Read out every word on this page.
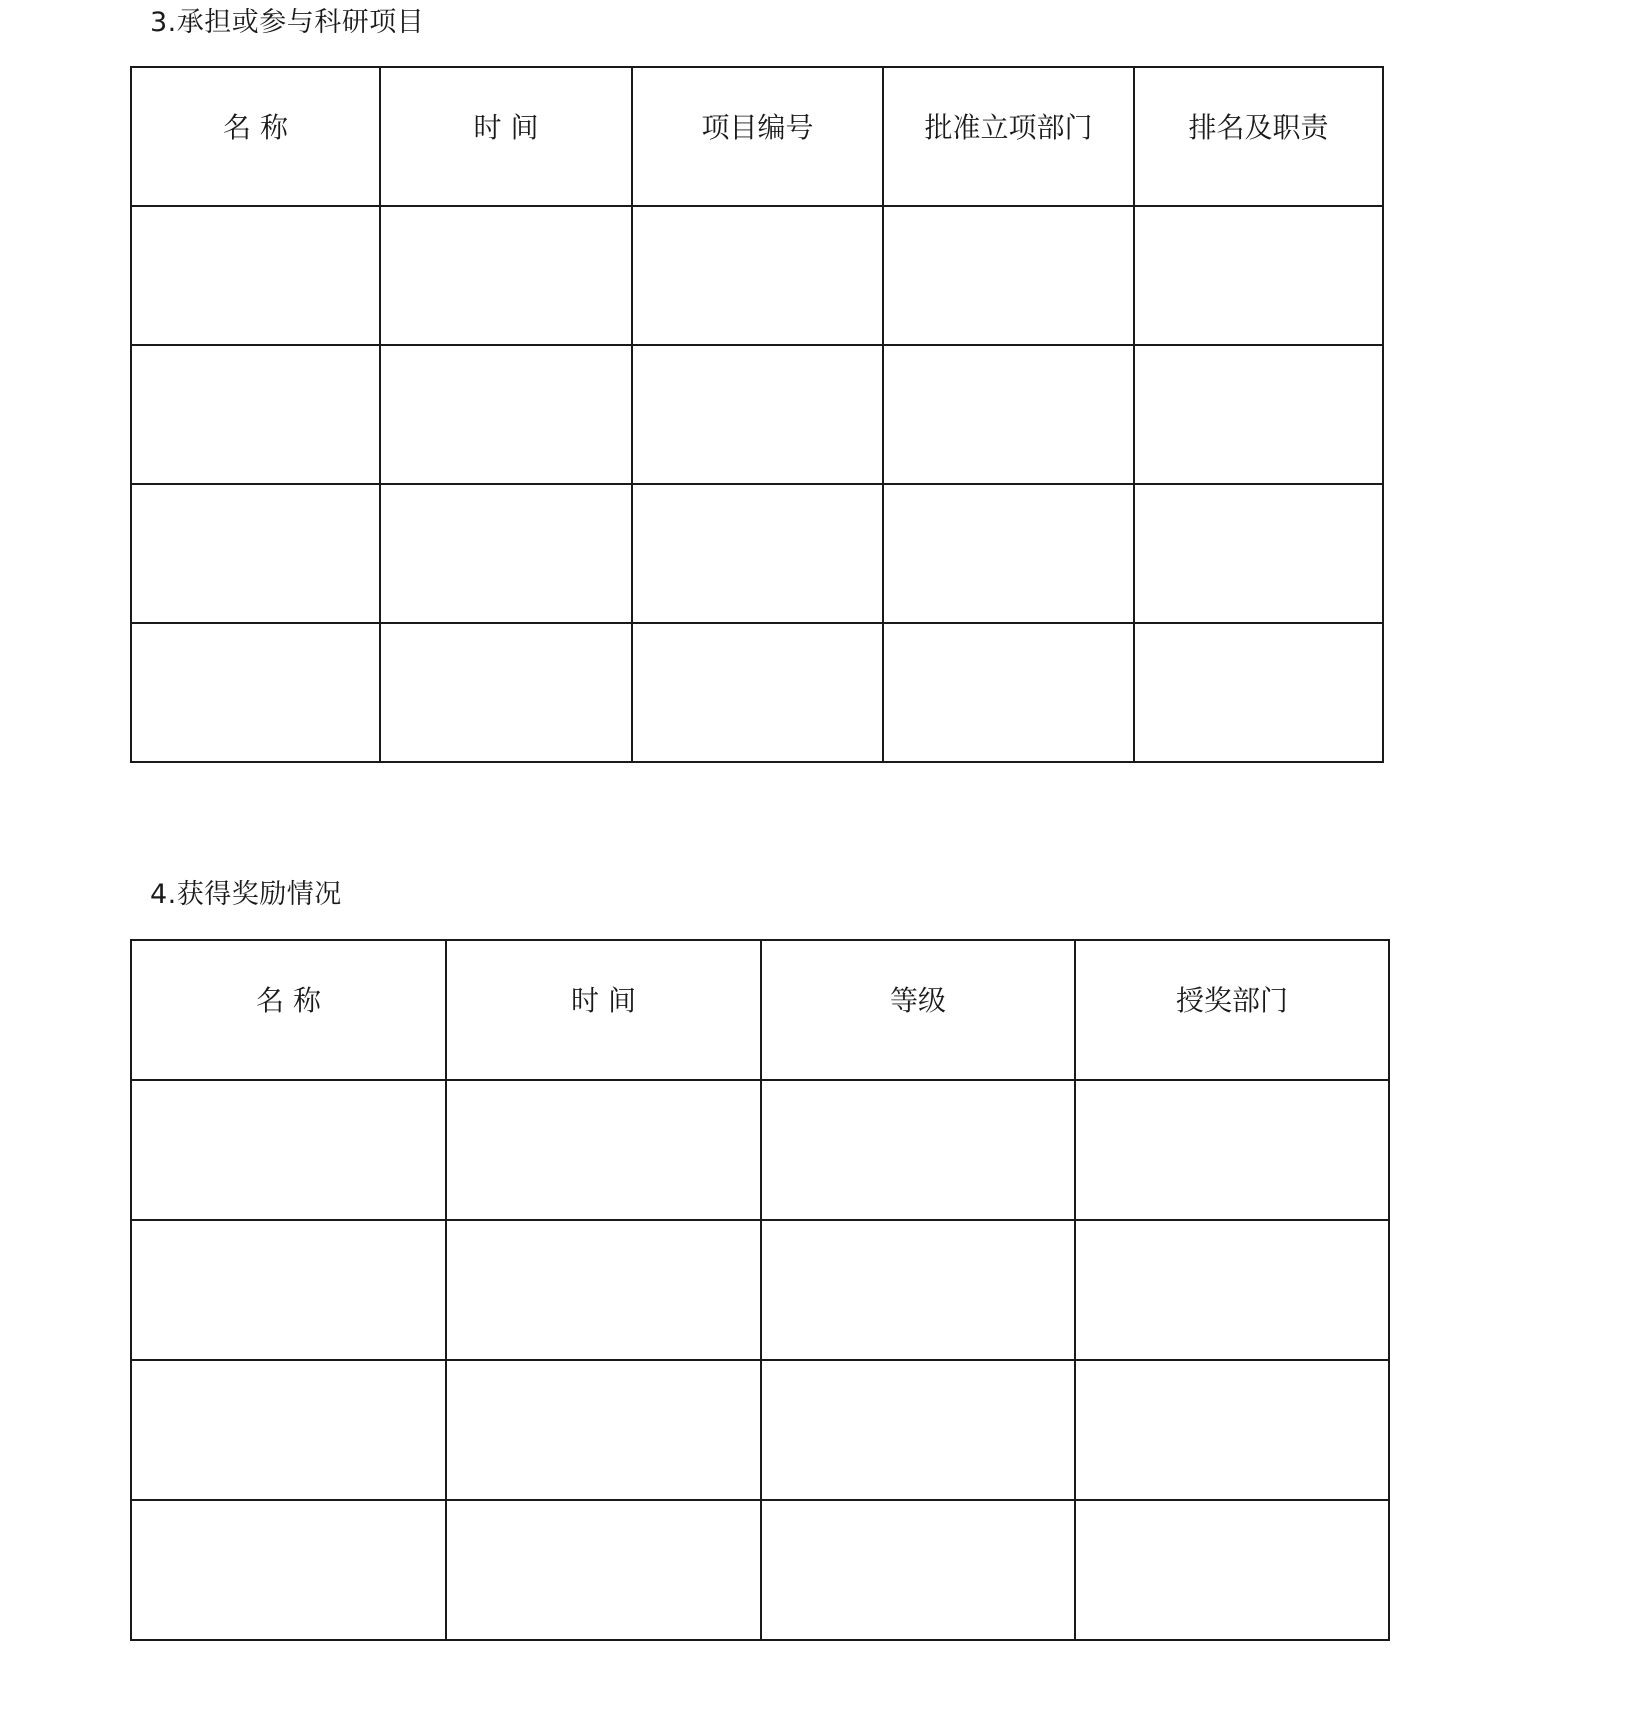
3.承担或参与科研项目
名 称	时 间	项目编号	批准立项部门	排名及职责

4.获得奖励情况
名 称	时 间	等级	授奖部门
